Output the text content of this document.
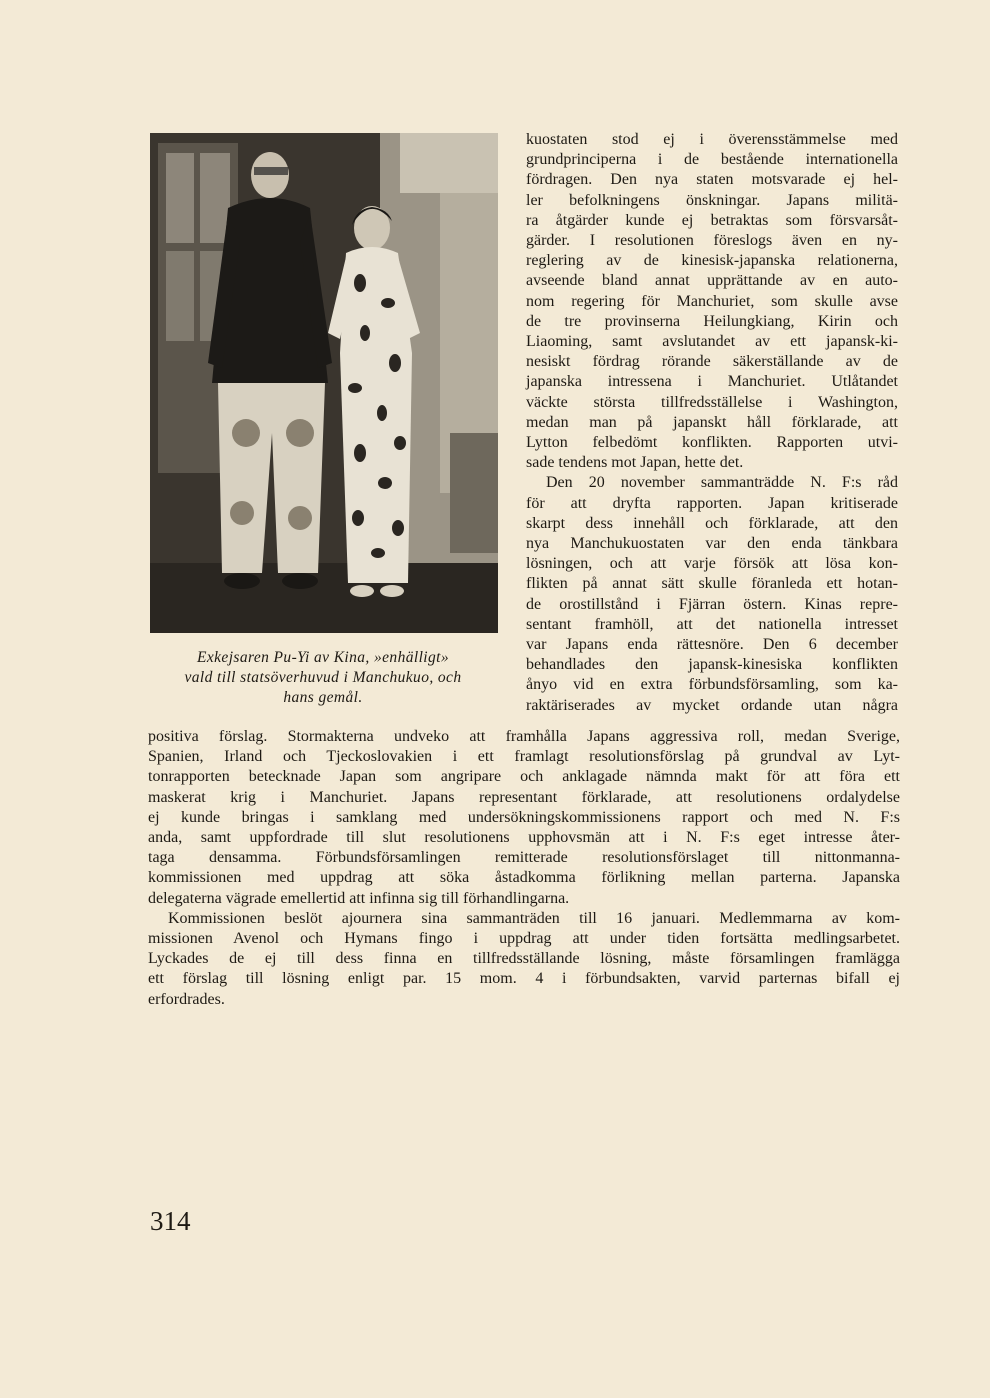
Exkejsaren Pu-Yi av Kina, »enhälligt»
vald till statsöverhuvud i Manchukuo, och
hans gemål.
kuostaten stod ej i överensstämmelse med
grundprinciperna i de bestående internationella
fördragen. Den nya staten motsvarade ej hel-
ler befolkningens önskningar. Japans militä-
ra åtgärder kunde ej betraktas som försvarsåt-
gärder. I resolutionen föreslogs även en ny-
reglering av de kinesisk-japanska relationerna,
avseende bland annat upprättande av en auto-
nom regering för Manchuriet, som skulle avse
de tre provinserna Heilungkiang, Kirin och
Liaoming, samt avslutandet av ett japansk-ki-
nesiskt fördrag rörande säkerställande av de
japanska intressena i Manchuriet. Utlåtandet
väckte största tillfredsställelse i Washington,
medan man på japanskt håll förklarade, att
Lytton felbedömt konflikten. Rapporten utvi-
sade tendens mot Japan, hette det.
Den 20 november sammanträdde N. F:s råd
för att dryfta rapporten. Japan kritiserade
skarpt dess innehåll och förklarade, att den
nya Manchukuostaten var den enda tänkbara
lösningen, och att varje försök att lösa kon-
flikten på annat sätt skulle föranleda ett hotan-
de orostillstånd i Fjärran östern. Kinas repre-
sentant framhöll, att det nationella intresset
var Japans enda rättesnöre. Den 6 december
behandlades den japansk-kinesiska konflikten
ånyo vid en extra förbundsförsamling, som ka-
raktäriserades av mycket ordande utan några
positiva förslag. Stormakterna undveko att framhålla Japans aggressiva roll, medan Sverige,
Spanien, Irland och Tjeckoslovakien i ett framlagt resolutionsförslag på grundval av Lyt-
tonrapporten betecknade Japan som angripare och anklagade nämnda makt för att föra ett
maskerat krig i Manchuriet. Japans representant förklarade, att resolutionens ordalydelse
ej kunde bringas i samklang med undersökningskommissionens rapport och med N. F:s
anda, samt uppfordrade till slut resolutionens upphovsmän att i N. F:s eget intresse åter-
taga densamma. Förbundsförsamlingen remitterade resolutionsförslaget till nittonmanna-
kommissionen med uppdrag att söka åstadkomma förlikning mellan parterna. Japanska
delegaterna vägrade emellertid att infinna sig till förhandlingarna.
Kommissionen beslöt ajournera sina sammanträden till 16 januari. Medlemmarna av kom-
missionen Avenol och Hymans fingo i uppdrag att under tiden fortsätta medlingsarbetet.
Lyckades de ej till dess finna en tillfredsställande lösning, måste församlingen framlägga
ett förslag till lösning enligt par. 15 mom. 4 i förbundsakten, varvid parternas bifall ej
erfordrades.
314
